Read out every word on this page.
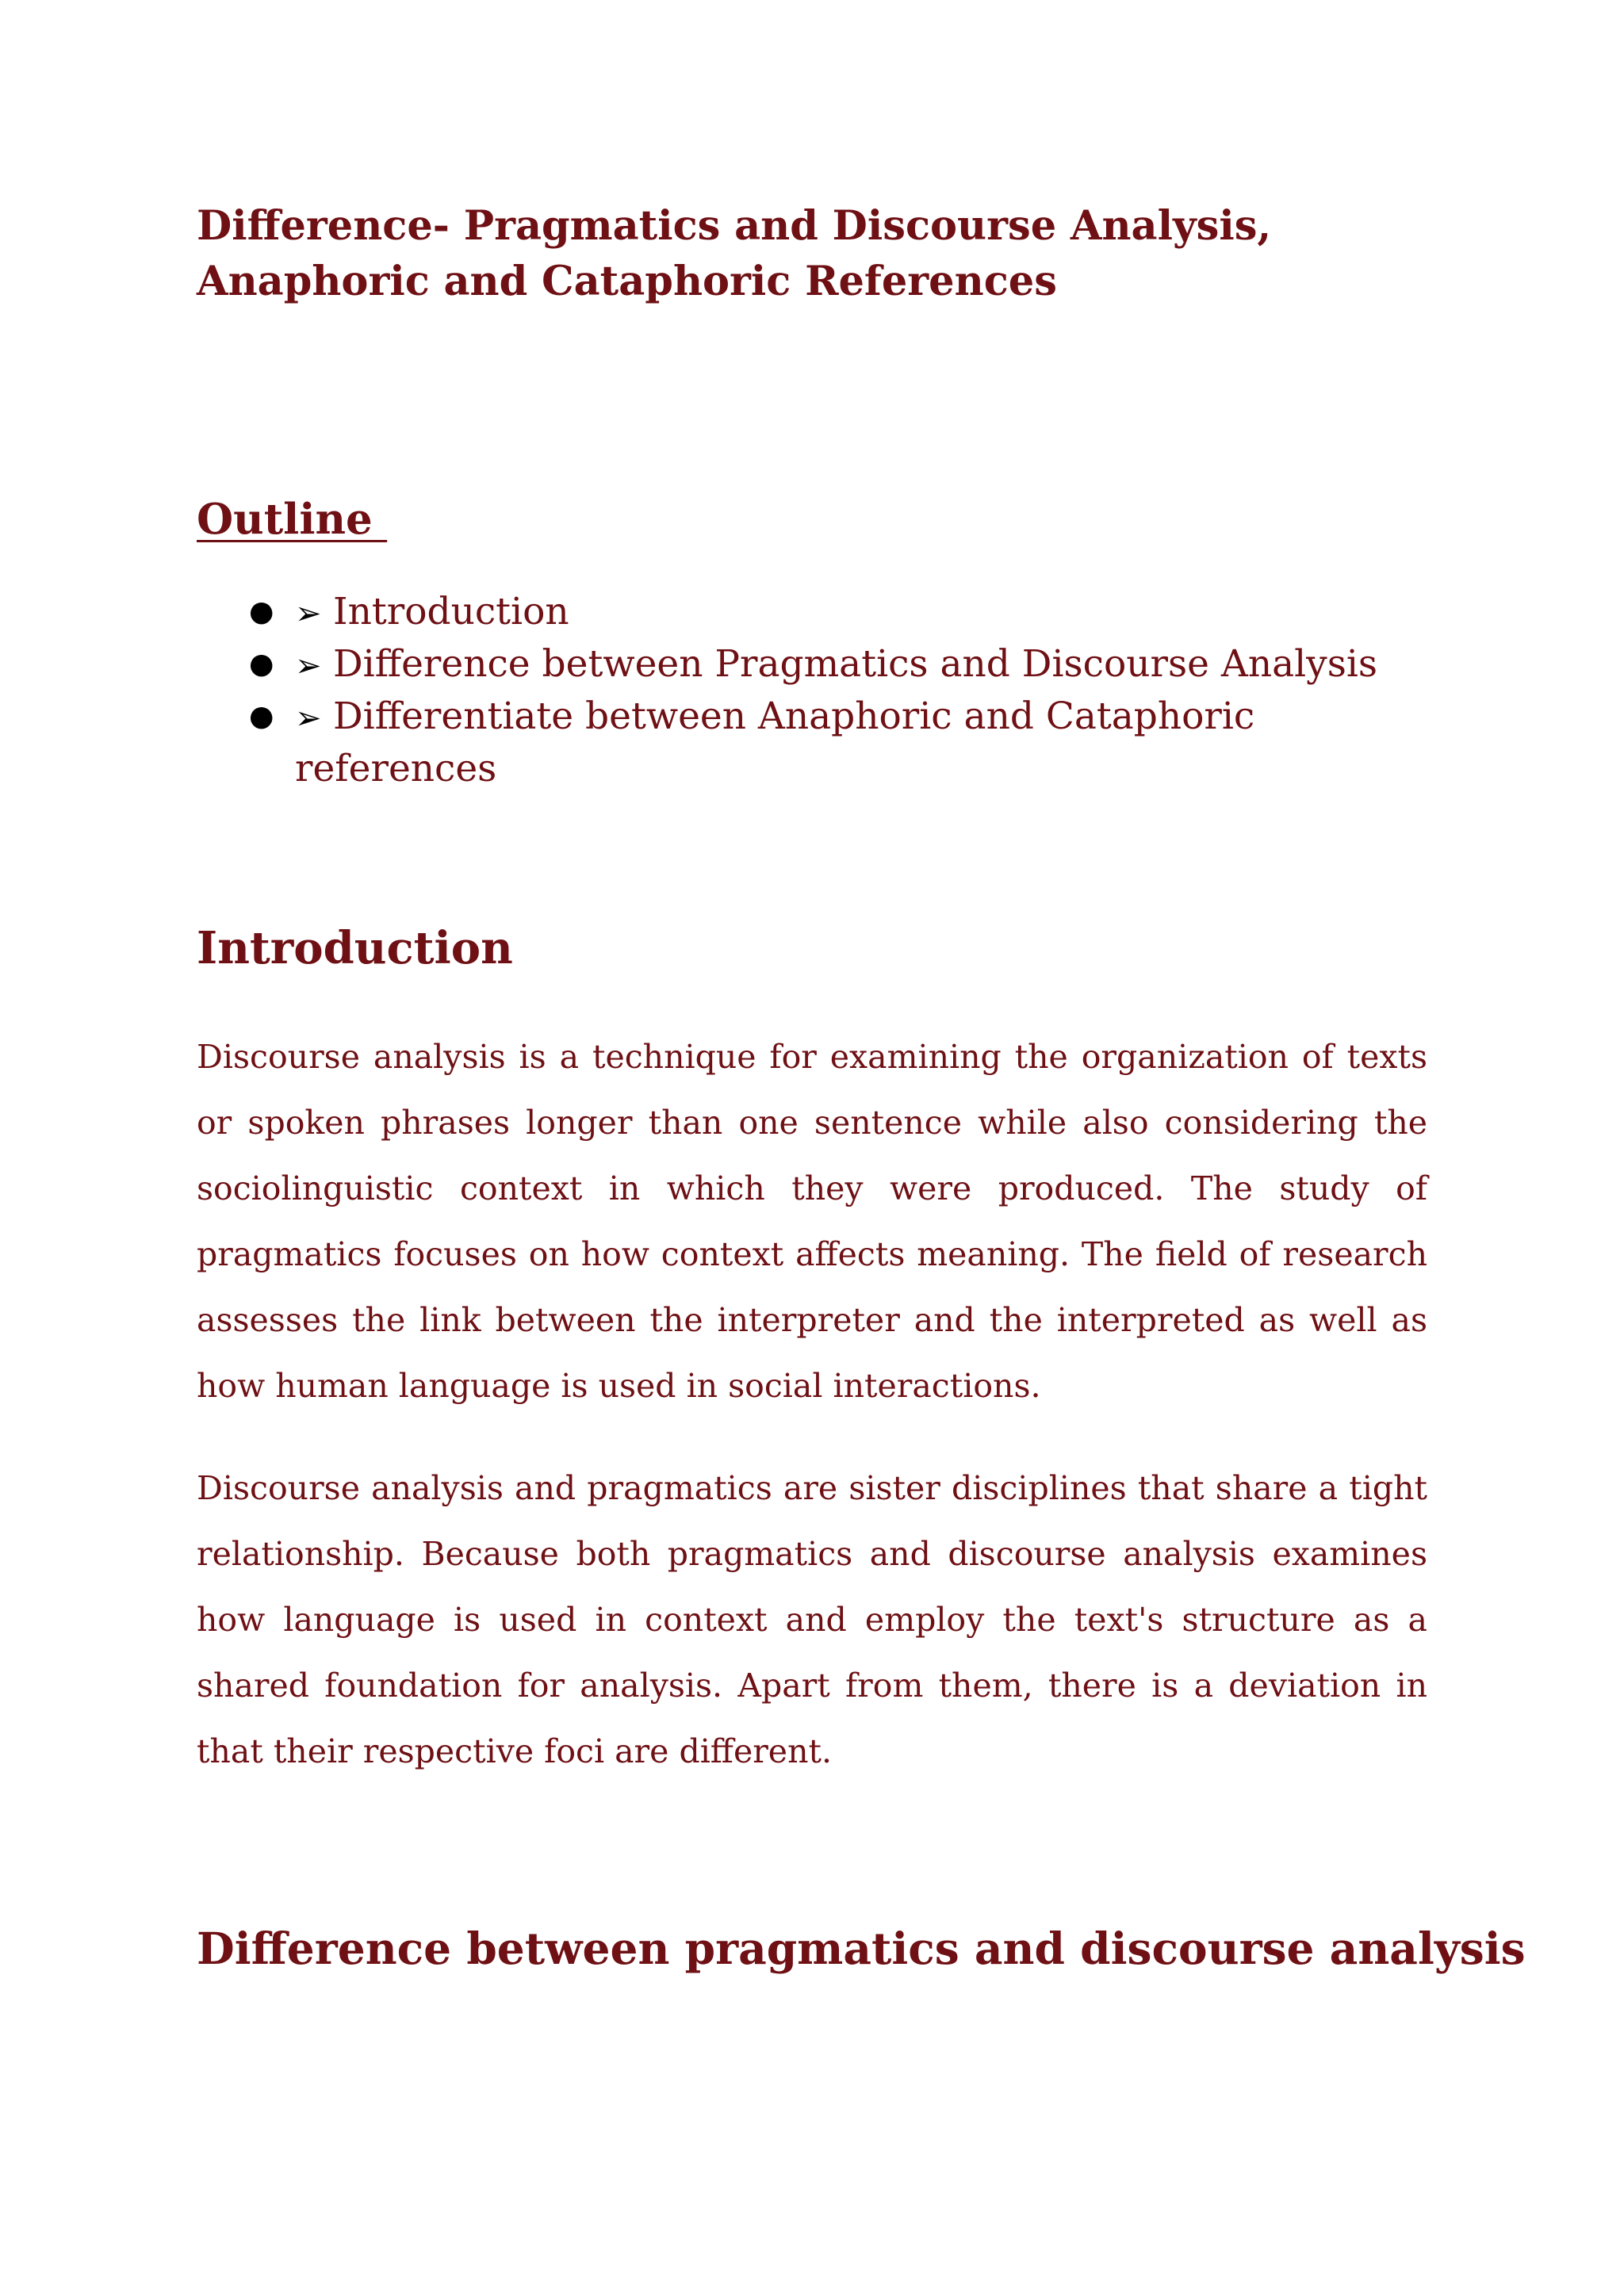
Difference- Pragmatics and Discourse Analysis,
Anaphoric and Cataphoric References
Outline
● ➢ Introduction
● ➢ Difference between Pragmatics and Discourse Analysis
● ➢ Differentiate between Anaphoric and Cataphoric references
Introduction

Discourse analysis is a technique for examining the organization of texts or spoken phrases longer than one sentence while also considering the sociolinguistic context in which they were produced. The study of pragmatics focuses on how context affects meaning. The field of research assesses the link between the interpreter and the interpreted as well as how human language is used in social interactions.

Discourse analysis and pragmatics are sister disciplines that share a tight relationship. Because both pragmatics and discourse analysis examines how language is used in context and employ the text's structure as a shared foundation for analysis. Apart from them, there is a deviation in that their respective foci are different.

Difference between pragmatics and discourse analysis
